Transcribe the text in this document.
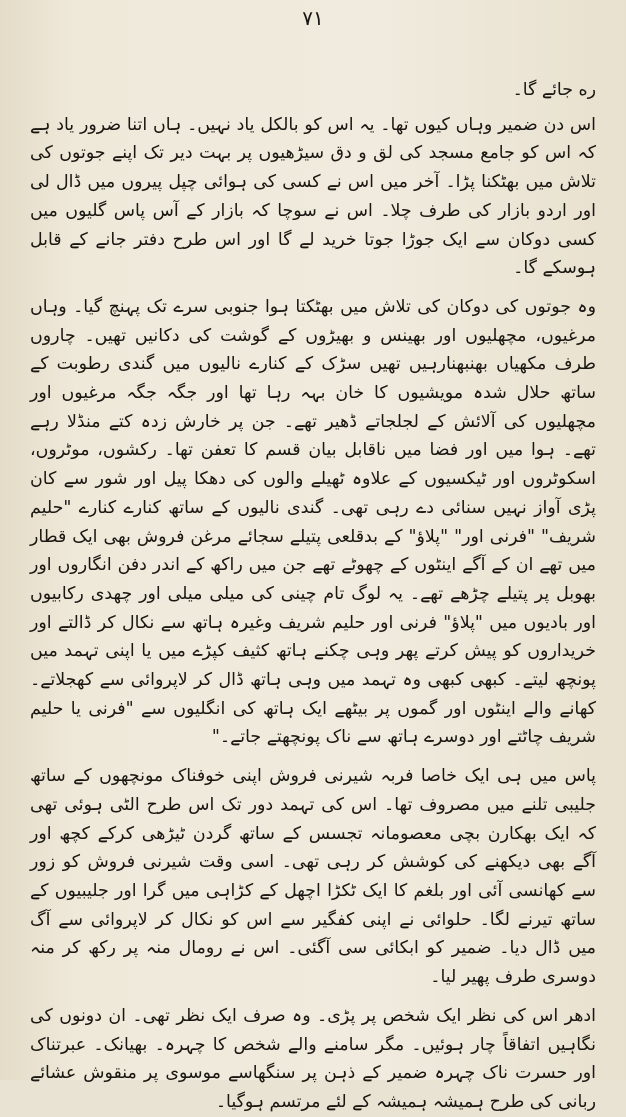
٧١

ره جائے گا۔

اس دن ضمیر وہاں کیوں تھا۔ یہ اس کو بالکل یاد نہیں۔ ہاں اتنا ضرور یاد ہے کہ اس کو جامع مسجد کی لق و دق سیڑھیوں پر بہت دیر تک اپنے جوتوں کی تلاش میں بھٹکنا پڑا۔ آخر میں اس نے کسی کی ہوائی چپل پیروں میں ڈال لی اور اردو بازار کی طرف چلا۔ اس نے سوچا کہ بازار کے آس پاس گلیوں میں کسی دوکان سے ایک جوڑا جوتا خرید لے گا اور اس طرح دفتر جانے کے قابل ہوسکے گا۔

وہ جوتوں کی دوکان کی تلاش میں بھٹکتا ہوا جنوبی سرے تک پہنچ گیا۔ وہاں مرغیوں، مچھلیوں اور بھینس و بھیڑوں کے گوشت کی دکانیں تھیں۔ چاروں طرف مکھیاں بھنبھنارہیں تھیں سڑک کے کنارے نالیوں میں گندی رطوبت کے ساتھ حلال شدہ مویشیوں کا خان بہہ رہا تھا اور جگہ جگہ مرغیوں اور مچھلیوں کی آلائش کے لجلجاتے ڈھیر تھے۔ جن پر خارش زدہ کتے منڈلا رہے تھے۔ ہوا میں اور فضا میں ناقابل بیان قسم کا تعفن تھا۔ رکشوں، موٹروں، اسکوٹروں اور ٹیکسیوں کے علاوہ ٹھیلے والوں کی دھکا پیل اور شور سے کان پڑی آواز نہیں سنائی دے رہی تھی۔ گندی نالیوں کے ساتھ کنارے کنارے "حلیم شریف" "فرنی اور" "پلاؤ" کے بدقلعی پتیلے سجائے مرغن فروش بھی ایک قطار میں تھے ان کے آگے اینٹوں کے چھوٹے تھے جن میں راکھ کے اندر دفن انگاروں اور بھوبل پر پتیلے چڑھے تھے۔ یہ لوگ تام چینی کی میلی میلی اور چھدی رکابیوں اور بادیوں میں "پلاؤ" فرنی اور حلیم شریف وغیرہ ہاتھ سے نکال کر ڈالتے اور خریداروں کو پیش کرتے پھر وہی چکنے ہاتھ کثیف کپڑے میں یا اپنی تہمد میں پونچھ لیتے۔ کبھی کبھی وہ تہمد میں وہی ہاتھ ڈال کر لاپروائی سے کھجلاتے۔ کھانے والے اینٹوں اور گموں پر بیٹھے ایک ہاتھ کی انگلیوں سے "فرنی یا حلیم شریف چاٹتے اور دوسرے ہاتھ سے ناک پونچھتے جاتے۔"

پاس میں ہی ایک خاصا فربہ شیرنی فروش اپنی خوفناک مونچھوں کے ساتھ جلیبی تلنے میں مصروف تھا۔ اس کی تہمد دور تک اس طرح الٹی ہوئی تھی کہ ایک بھکارن بچی معصومانہ تجسس کے ساتھ گردن ٹیڑھی کرکے کچھ اور آگے بھی دیکھنے کی کوشش کر رہی تھی۔ اسی وقت شیرنی فروش کو زور سے کھانسی آئی اور بلغم کا ایک ٹکڑا اچھل کے کڑاہی میں گرا اور جلیبیوں کے ساتھ تیرنے لگا۔ حلوائی نے اپنی کفگیر سے اس کو نکال کر لاپروائی سے آگ میں ڈال دیا۔ ضمیر کو ابکائی سی آگئی۔ اس نے رومال منہ پر رکھ کر منہ دوسری طرف پھیر لیا۔

ادھر اس کی نظر ایک شخص پر پڑی۔ وہ صرف ایک نظر تھی۔ ان دونوں کی نگاہیں اتفاقاً چار ہوئیں۔ مگر سامنے والے شخص کا چہرہ۔ بھیانک۔ عبرتناک اور حسرت ناک چہرہ ضمیر کے ذہن پر سنگھاسے موسوی پر منقوش عشائے ربانی کی طرح ہمیشہ ہمیشہ کے لئے مرتسم ہوگیا۔
